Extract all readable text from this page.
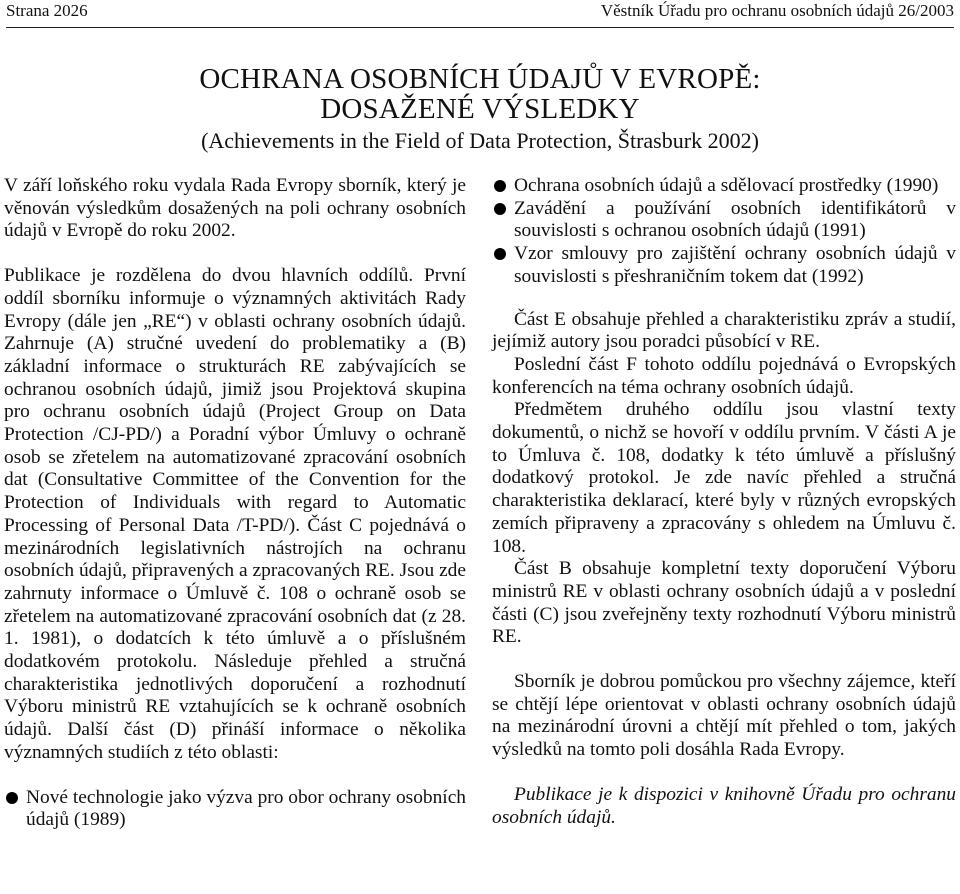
Strana 2026	Věstník Úřadu pro ochranu osobních údajů 26/2003
OCHRANA OSOBNÍCH ÚDAJŮ V EVROPĚ:
DOSAŽENÉ VÝSLEDKY
(Achievements in the Field of Data Protection, Štrasburk 2002)

V září loňského roku vydala Rada Evropy sborník, který je věnován výsledkům dosažených na poli ochrany osobních údajů v Evropě do roku 2002.

Publikace je rozdělena do dvou hlavních oddílů. První oddíl sborníku informuje o významných aktivitách Rady Evropy (dále jen „RE“) v oblasti ochrany osobních údajů. Zahrnuje (A) stručné uvedení do problematiky a (B) základní informace o strukturách RE zabývajících se ochranou osobních údajů, jimiž jsou Projektová skupina pro ochranu osobních údajů (Project Group on Data Protection /CJ-PD/) a Poradní výbor Úmluvy o ochraně osob se zřetelem na automatizované zpracování osobních dat (Consultative Committee of the Convention for the Protection of Individuals with regard to Automatic Processing of Personal Data /T-PD/). Část C pojednává o mezinárodních legislativních nástrojích na ochranu osobních údajů, připravených a zpracovaných RE. Jsou zde zahrnuty informace o Úmluvě č. 108 o ochraně osob se zřetelem na automatizované zpracování osobních dat (z 28. 1. 1981), o dodatcích k této úmluvě a o příslušném dodatkovém protokolu. Následuje přehled a stručná charakteristika jednotlivých doporučení a rozhodnutí Výboru ministrů RE vztahujících se k ochraně osobních údajů. Další část (D) přináší informace o několika významných studiích z této oblasti:

Nové technologie jako výzva pro obor ochrany osobních údajů (1989)
Ochrana osobních údajů a sdělovací prostředky (1990)
Zavádění a používání osobních identifikátorů v souvislosti s ochranou osobních údajů (1991)
Vzor smlouvy pro zajištění ochrany osobních údajů v souvislosti s přeshraničním tokem dat (1992)

Část E obsahuje přehled a charakteristiku zpráv a studií, jejímiž autory jsou poradci působící v RE.

Poslední část F tohoto oddílu pojednává o Evropských konferencích na téma ochrany osobních údajů.

Předmětem druhého oddílu jsou vlastní texty dokumentů, o nichž se hovoří v oddílu prvním. V části A je to Úmluva č. 108, dodatky k této úmluvě a příslušný dodatkový protokol. Je zde navíc přehled a stručná charakteristika deklarací, které byly v různých evropských zemích připraveny a zpracovány s ohledem na Úmluvu č. 108.

Část B obsahuje kompletní texty doporučení Výboru ministrů RE v oblasti ochrany osobních údajů a v poslední části (C) jsou zveřejněny texty rozhodnutí Výboru ministrů RE.

Sborník je dobrou pomůckou pro všechny zájemce, kteří se chtějí lépe orientovat v oblasti ochrany osobních údajů na mezinárodní úrovni a chtějí mít přehled o tom, jakých výsledků na tomto poli dosáhla Rada Evropy.

Publikace je k dispozici v knihovně Úřadu pro ochranu osobních údajů.
